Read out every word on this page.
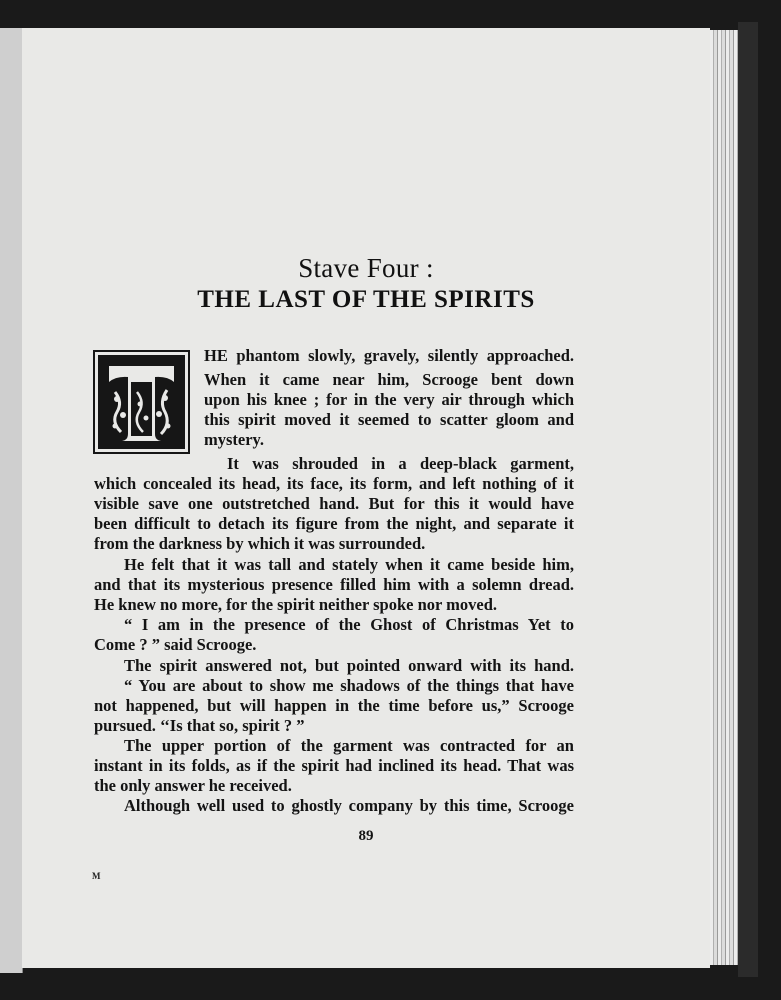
Stave Four :
THE LAST OF THE SPIRITS
HE phantom slowly, gravely, silently approached.
When it came near him, Scrooge bent down
upon his knee ; for in the very air through which
this spirit moved it seemed to scatter gloom and
mystery.
It was shrouded in a deep-black garment,
which concealed its head, its face, its form, and left nothing of it
visible save one outstretched hand. But for this it would have
been difficult to detach its figure from the night, and separate it
from the darkness by which it was surrounded.
He felt that it was tall and stately when it came beside him,
and that its mysterious presence filled him with a solemn dread.
He knew no more, for the spirit neither spoke nor moved.
“ I am in the presence of the Ghost of Christmas Yet to
Come ? ” said Scrooge.
The spirit answered not, but pointed onward with its hand.
“ You are about to show me shadows of the things that have
not happened, but will happen in the time before us,” Scrooge
pursued. ‘‘Is that so, spirit ? ”
The upper portion of the garment was contracted for an
instant in its folds, as if the spirit had inclined its head. That was
the only answer he received.
Although well used to ghostly company by this time, Scrooge
89
M
